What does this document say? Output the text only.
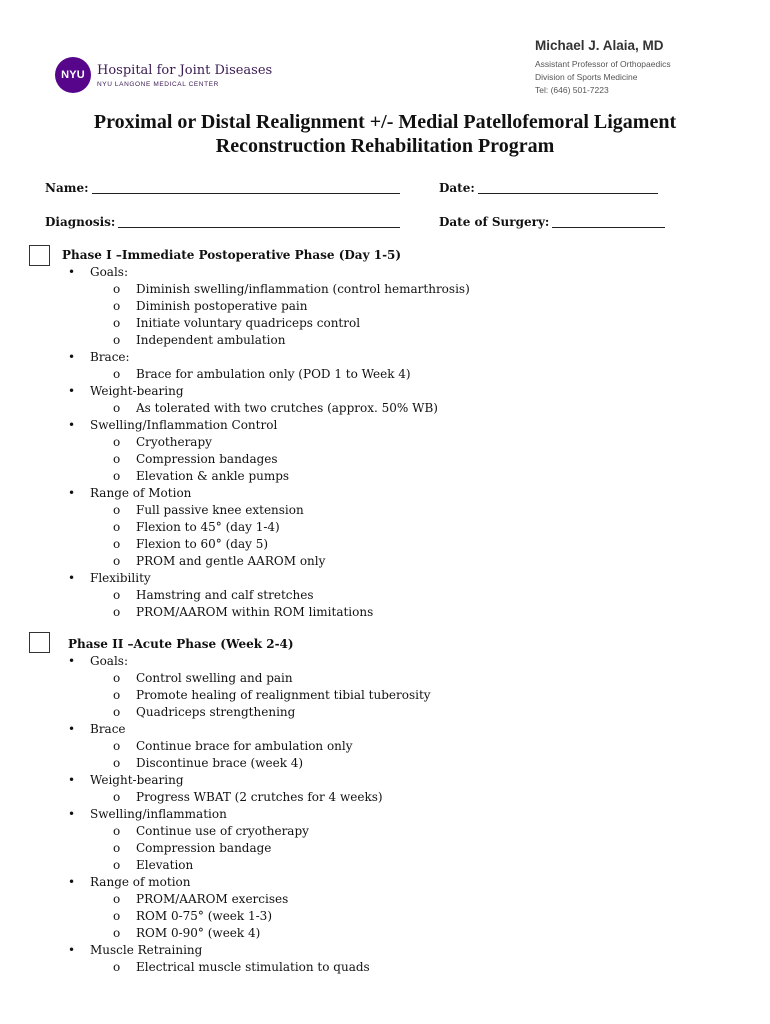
NYU Hospital for Joint Diseases
NYU LANGONE MEDICAL CENTER
Michael J. Alaia, MD
Assistant Professor of Orthopaedics
Division of Sports Medicine
Tel: (646) 501-7223
Proximal or Distal Realignment +/- Medial Patellofemoral Ligament
Reconstruction Rehabilitation Program
Name:	Date:
Diagnosis:	Date of Surgery:
Phase I –Immediate Postoperative Phase (Day 1-5)
• Goals:
o Diminish swelling/inflammation (control hemarthrosis)
o Diminish postoperative pain
o Initiate voluntary quadriceps control
o Independent ambulation
• Brace:
o Brace for ambulation only (POD 1 to Week 4)
• Weight-bearing
o As tolerated with two crutches (approx. 50% WB)
• Swelling/Inflammation Control
o Cryotherapy
o Compression bandages
o Elevation & ankle pumps
• Range of Motion
o Full passive knee extension
o Flexion to 45° (day 1-4)
o Flexion to 60° (day 5)
o PROM and gentle AAROM only
• Flexibility
o Hamstring and calf stretches
o PROM/AAROM within ROM limitations
Phase II –Acute Phase (Week 2-4)
• Goals:
o Control swelling and pain
o Promote healing of realignment tibial tuberosity
o Quadriceps strengthening
• Brace
o Continue brace for ambulation only
o Discontinue brace (week 4)
• Weight-bearing
o Progress WBAT (2 crutches for 4 weeks)
• Swelling/inflammation
o Continue use of cryotherapy
o Compression bandage
o Elevation
• Range of motion
o PROM/AAROM exercises
o ROM 0-75° (week 1-3)
o ROM 0-90° (week 4)
• Muscle Retraining
o Electrical muscle stimulation to quads
